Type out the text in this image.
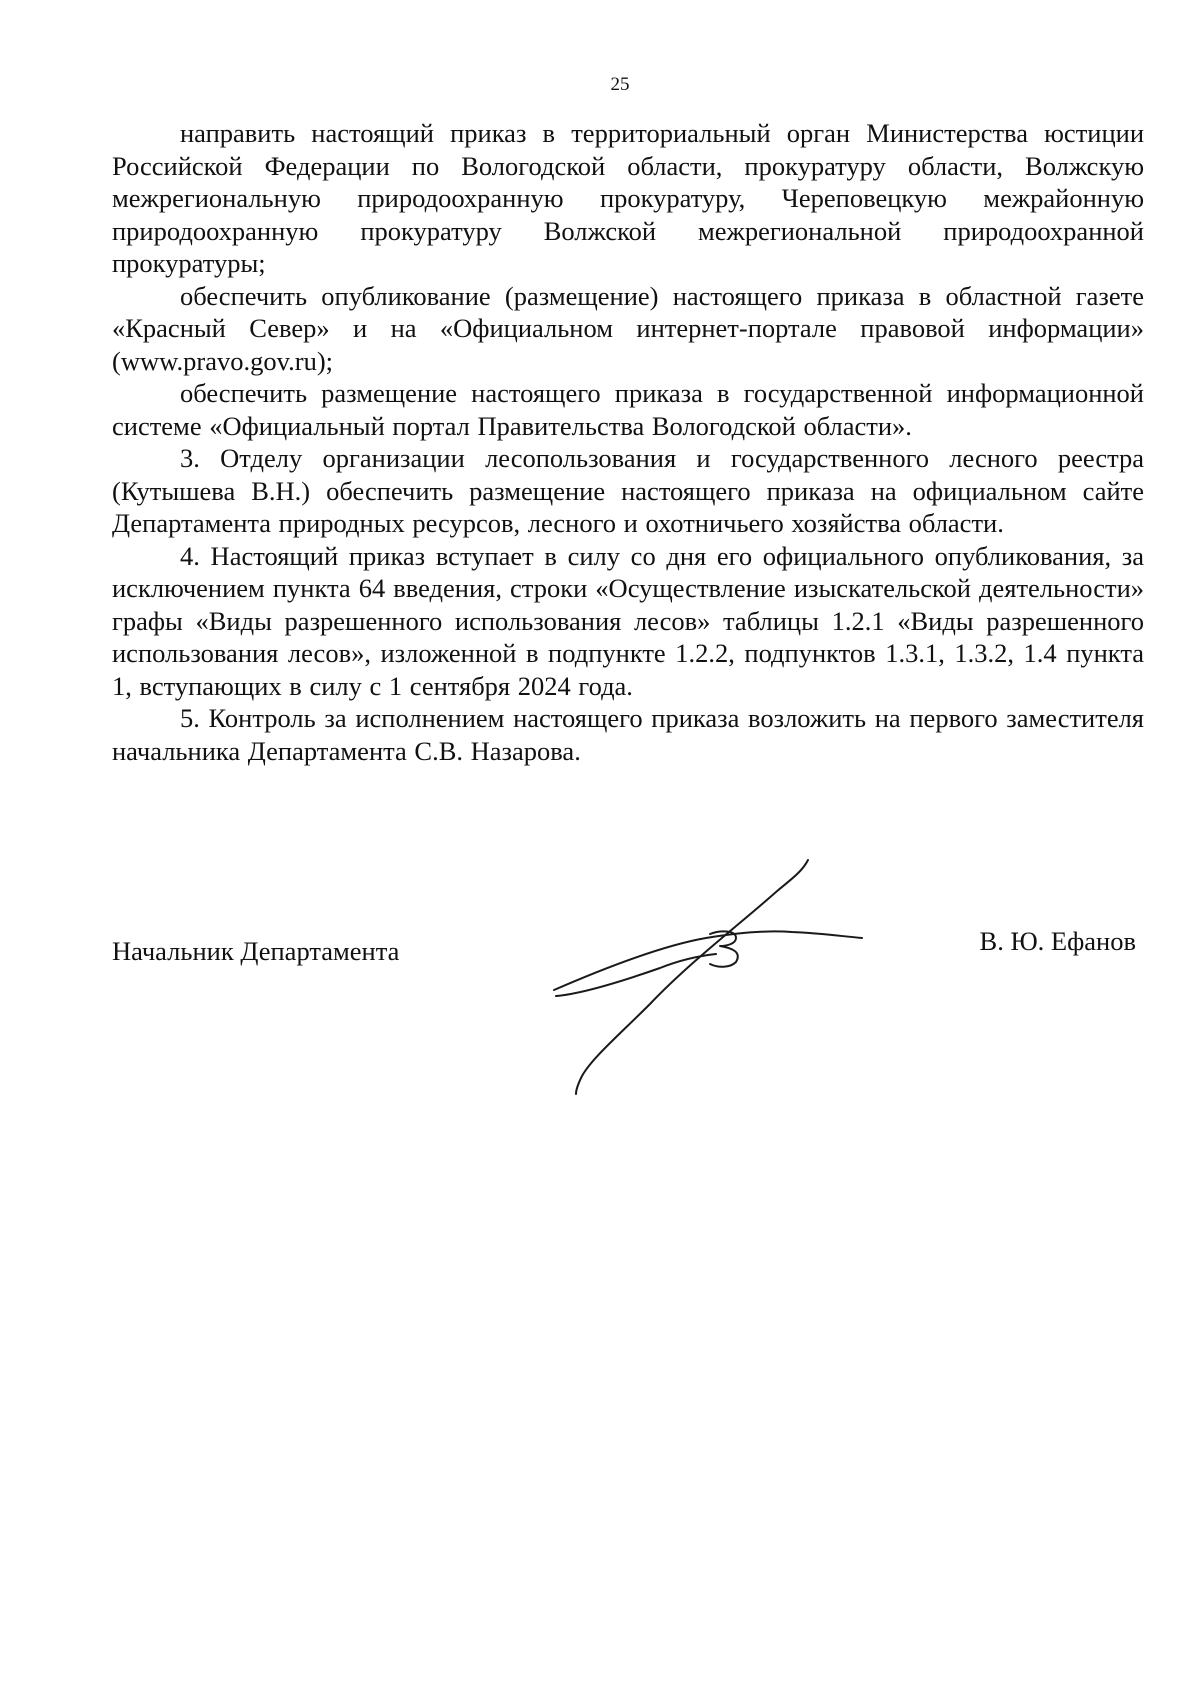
25

направить настоящий приказ в территориальный орган Министерства юстиции Российской Федерации по Вологодской области, прокуратуру области, Волжскую межрегиональную природоохранную прокуратуру, Череповецкую межрайонную природоохранную прокуратуру Волжской межрегиональной природоохранной прокуратуры;

обеспечить опубликование (размещение) настоящего приказа в областной газете «Красный Север» и на «Официальном интернет-портале правовой информации» (www.pravo.gov.ru);

обеспечить размещение настоящего приказа в государственной информационной системе «Официальный портал Правительства Вологодской области».

3. Отделу организации лесопользования и государственного лесного реестра (Кутышева В.Н.) обеспечить размещение настоящего приказа на официальном сайте Департамента природных ресурсов, лесного и охотничьего хозяйства области.

4. Настоящий приказ вступает в силу со дня его официального опубликования, за исключением пункта 64 введения, строки «Осуществление изыскательской деятельности» графы «Виды разрешенного использования лесов» таблицы 1.2.1 «Виды разрешенного использования лесов», изложенной в подпункте 1.2.2, подпунктов 1.3.1, 1.3.2, 1.4 пункта 1, вступающих в силу с 1 сентября 2024 года.

5. Контроль за исполнением настоящего приказа возложить на первого заместителя начальника Департамента С.В. Назарова.

Начальник Департамента	В. Ю. Ефанов
